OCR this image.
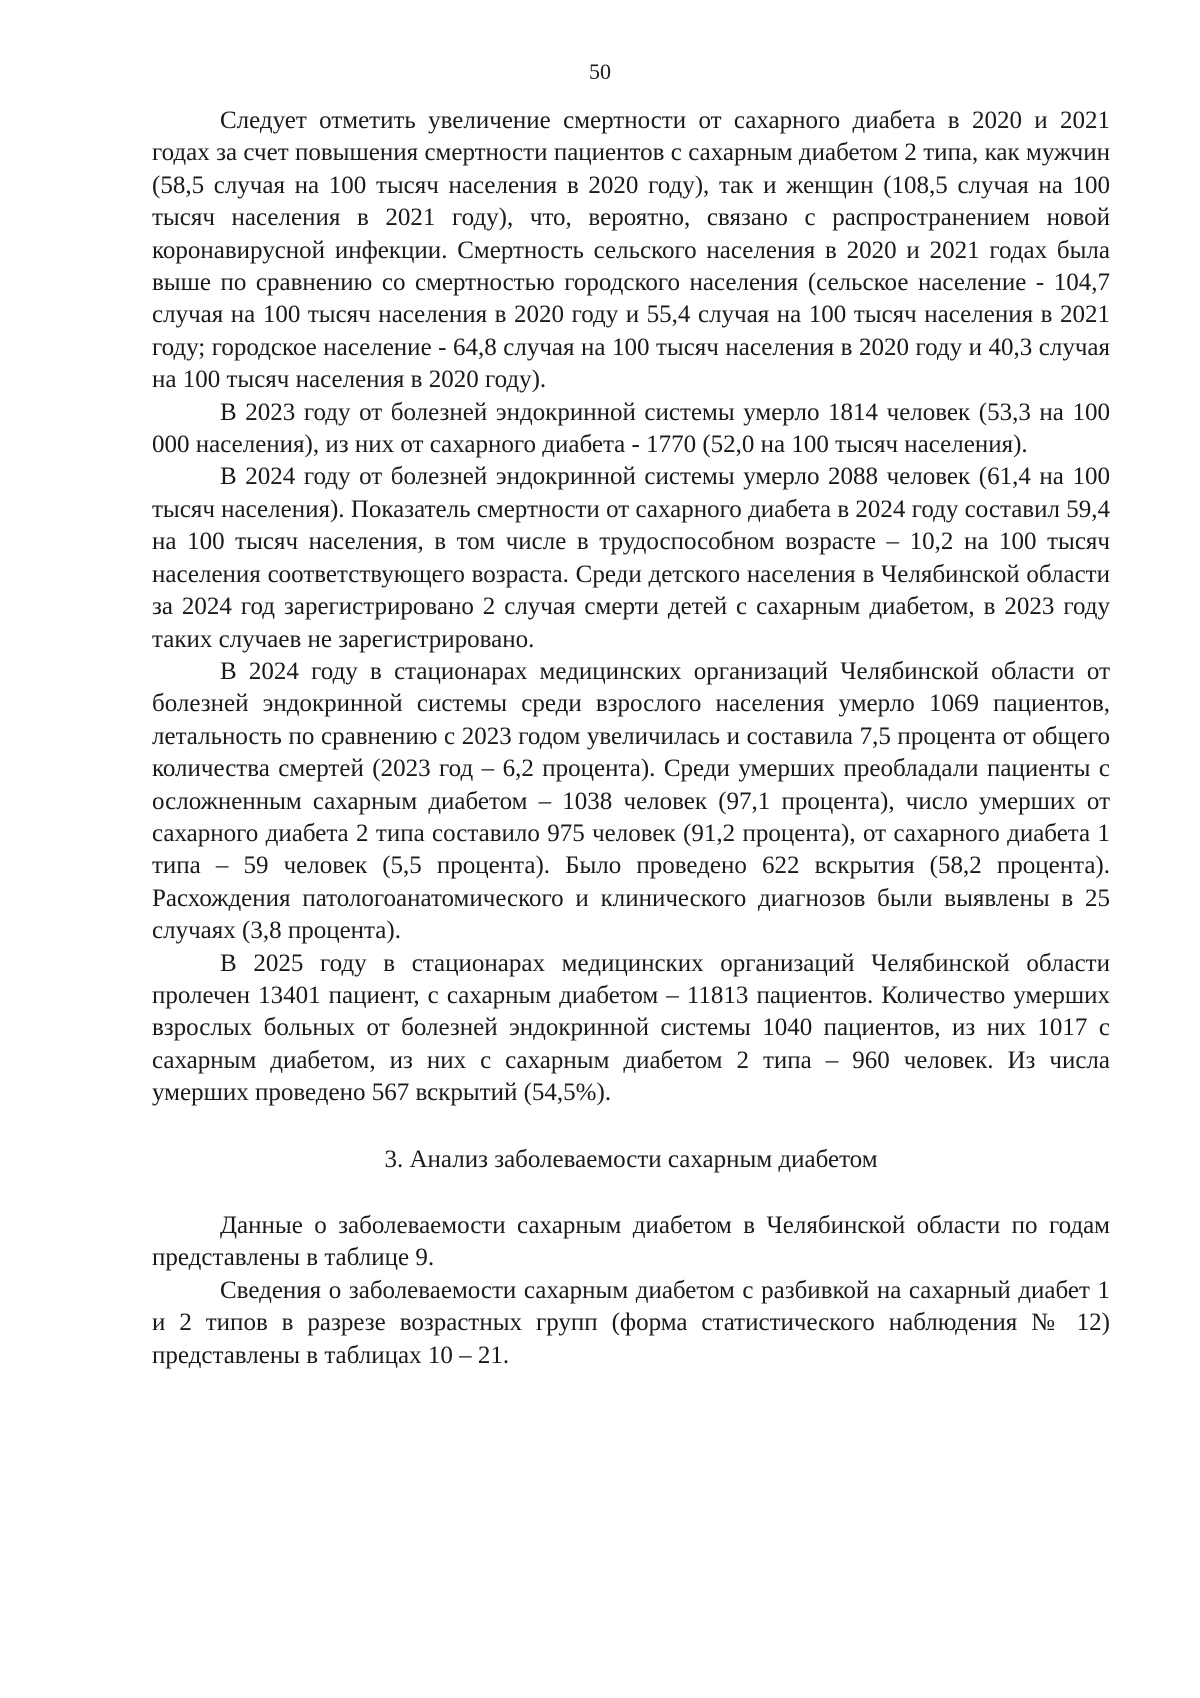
50

Следует отметить увеличение смертности от сахарного диабета в 2020 и 2021 годах за счет повышения смертности пациентов с сахарным диабетом 2 типа, как мужчин (58,5 случая на 100 тысяч населения в 2020 году), так и женщин (108,5 случая на 100 тысяч населения в 2021 году), что, вероятно, связано с распространением новой коронавирусной инфекции. Смертность сельского населения в 2020 и 2021 годах была выше по сравнению со смертностью городского населения (сельское население - 104,7 случая на 100 тысяч населения в 2020 году и 55,4 случая на 100 тысяч населения в 2021 году; городское население - 64,8 случая на 100 тысяч населения в 2020 году и 40,3 случая на 100 тысяч населения в 2020 году).

В 2023 году от болезней эндокринной системы умерло 1814 человек (53,3 на 100 000 населения), из них от сахарного диабета - 1770 (52,0 на 100 тысяч населения).

В 2024 году от болезней эндокринной системы умерло 2088 человек (61,4 на 100 тысяч населения). Показатель смертности от сахарного диабета в 2024 году составил 59,4 на 100 тысяч населения, в том числе в трудоспособном возрасте – 10,2 на 100 тысяч населения соответствующего возраста. Среди детского населения в Челябинской области за 2024 год зарегистрировано 2 случая смерти детей с сахарным диабетом, в 2023 году таких случаев не зарегистрировано.

В 2024 году в стационарах медицинских организаций Челябинской области от болезней эндокринной системы среди взрослого населения умерло 1069 пациентов, летальность по сравнению с 2023 годом увеличилась и составила 7,5 процента от общего количества смертей (2023 год – 6,2 процента). Среди умерших преобладали пациенты с осложненным сахарным диабетом – 1038 человек (97,1 процента), число умерших от сахарного диабета 2 типа составило 975 человек (91,2 процента), от сахарного диабета 1 типа – 59 человек (5,5 процента). Было проведено 622 вскрытия (58,2 процента). Расхождения патологоанатомического и клинического диагнозов были выявлены в 25 случаях (3,8 процента).

В 2025 году в стационарах медицинских организаций Челябинской области пролечен 13401 пациент, с сахарным диабетом – 11813 пациентов. Количество умерших взрослых больных от болезней эндокринной системы 1040 пациентов, из них 1017 с сахарным диабетом, из них с сахарным диабетом 2 типа – 960 человек. Из числа умерших проведено 567 вскрытий (54,5%).

3. Анализ заболеваемости сахарным диабетом

Данные о заболеваемости сахарным диабетом в Челябинской области по годам представлены в таблице 9.

Сведения о заболеваемости сахарным диабетом с разбивкой на сахарный диабет 1 и 2 типов в разрезе возрастных групп (форма статистического наблюдения № 12) представлены в таблицах 10 – 21.
